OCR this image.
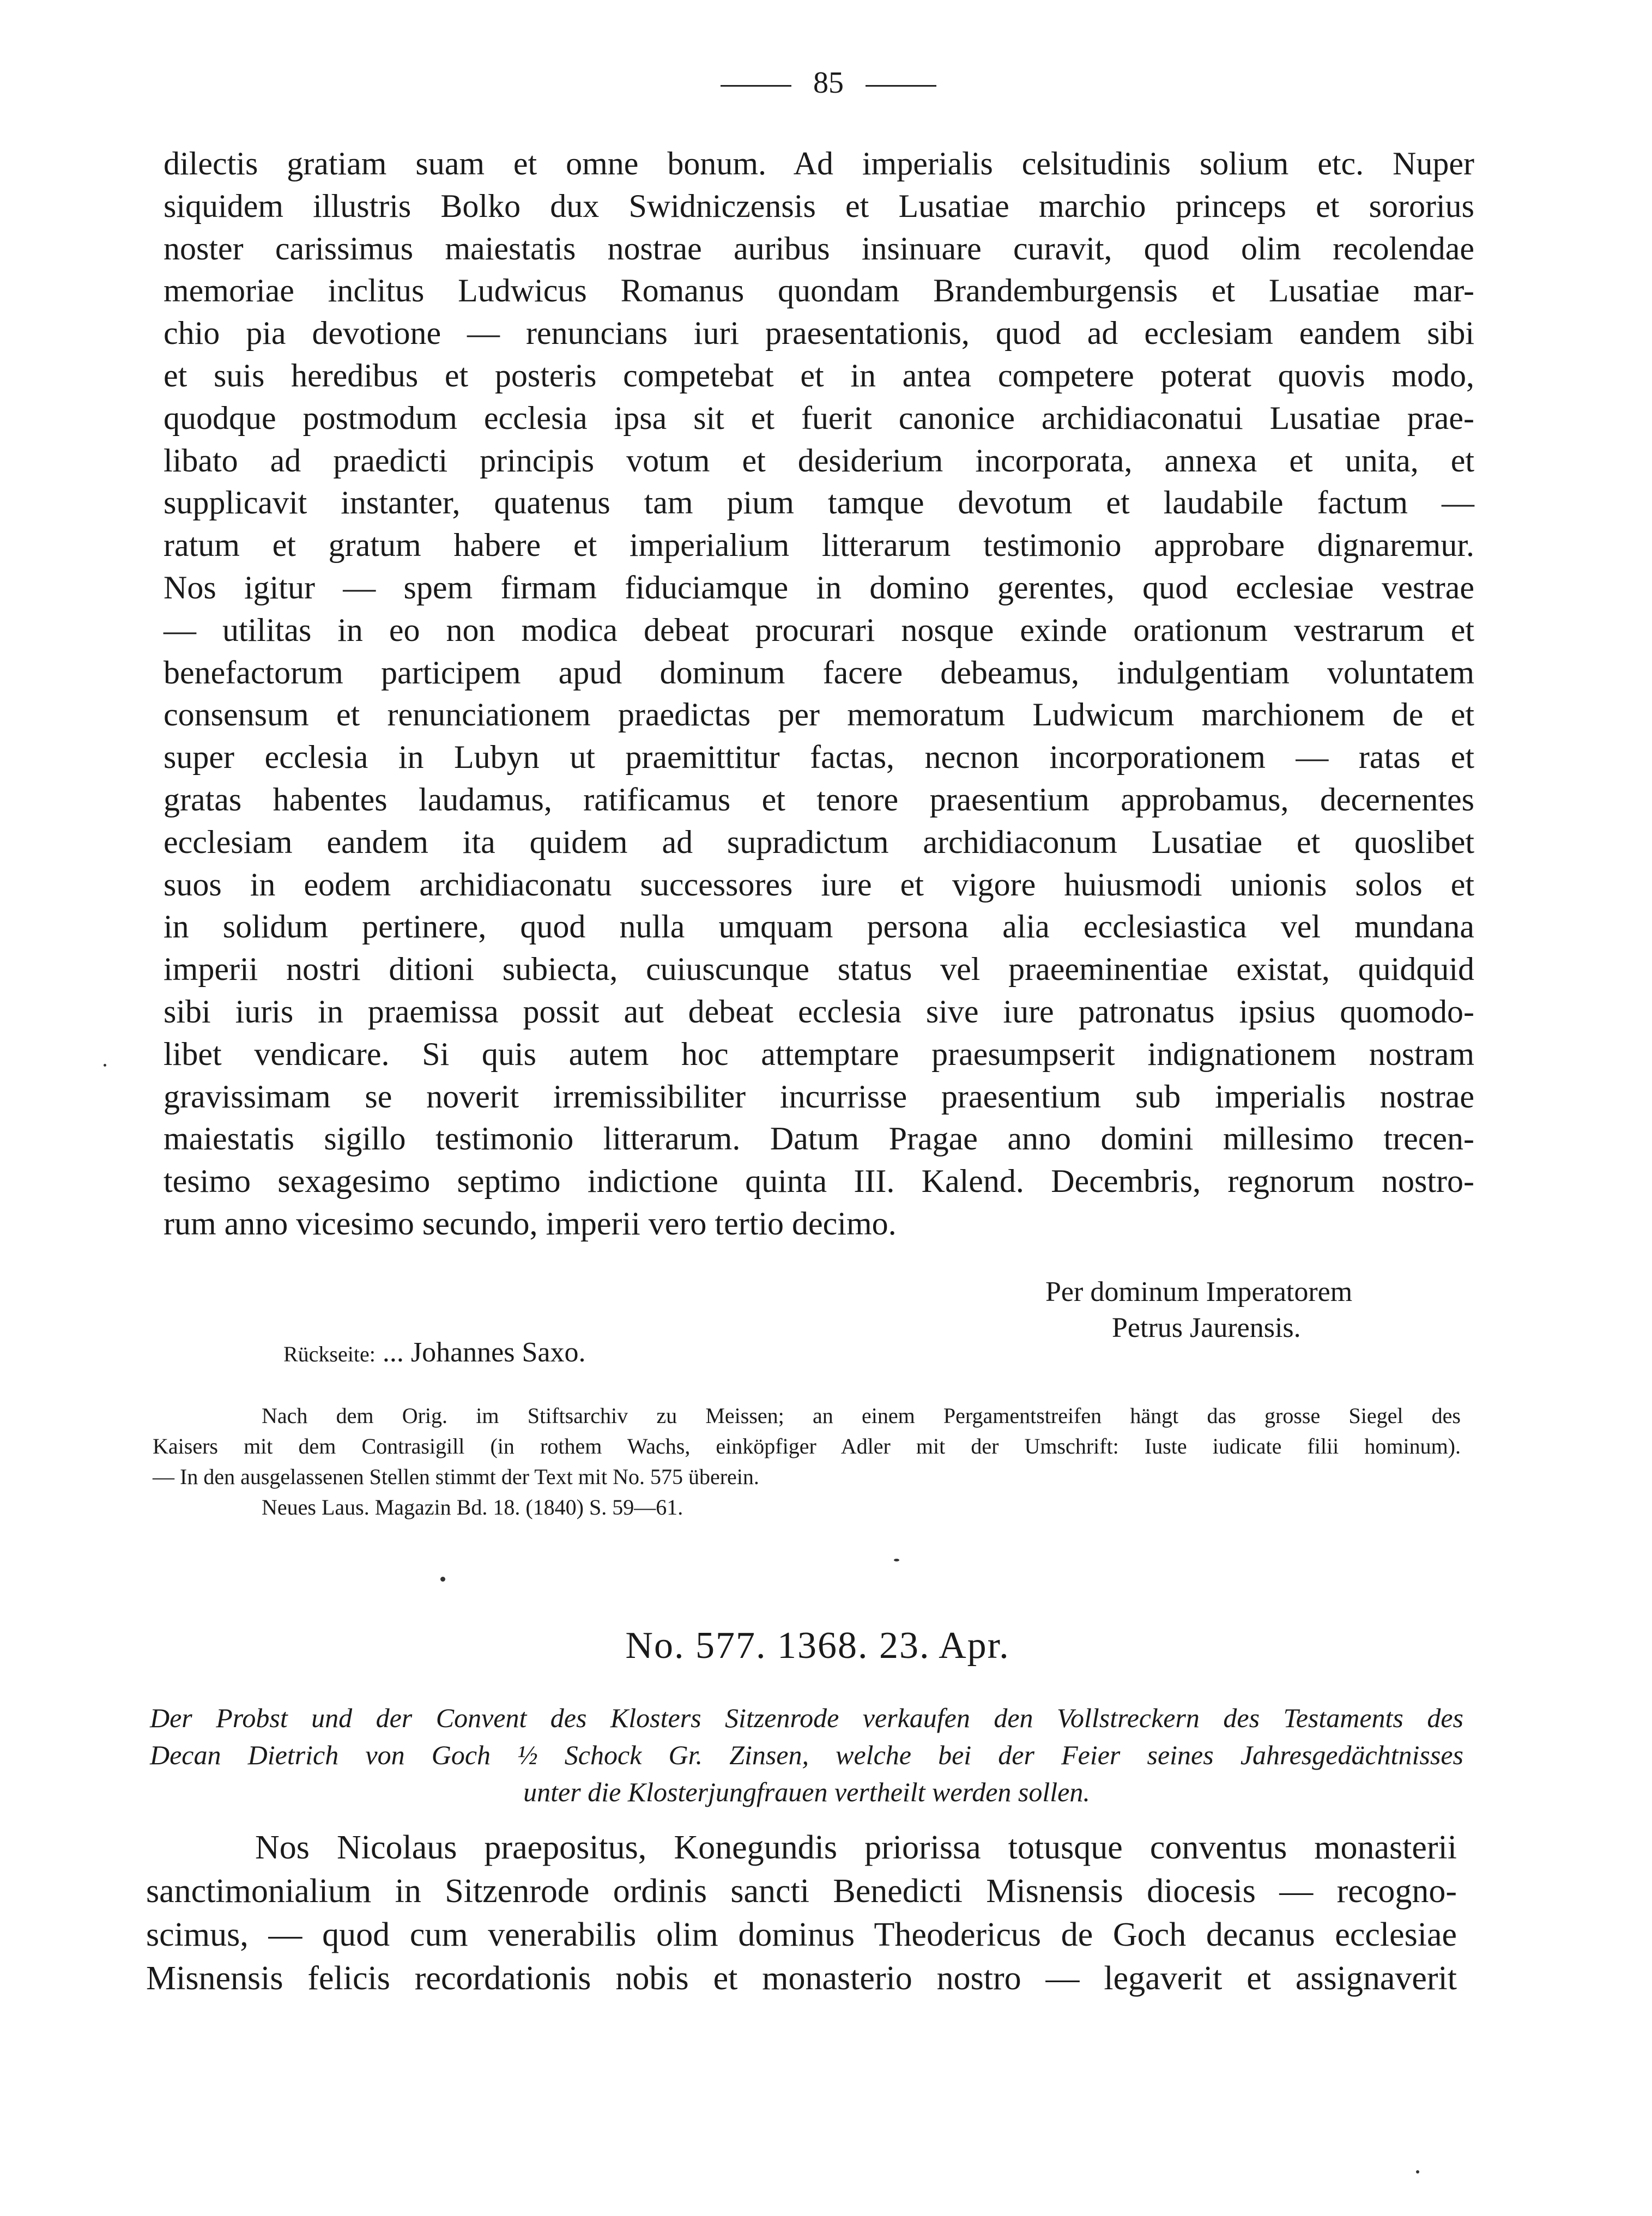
85
dilectis gratiam suam et omne bonum. Ad imperialis celsitudinis solium etc. Nuper
siquidem illustris Bolko dux Swidniczensis et Lusatiae marchio princeps et sororius
noster carissimus maiestatis nostrae auribus insinuare curavit, quod olim recolendae
memoriae inclitus Ludwicus Romanus quondam Brandemburgensis et Lusatiae mar-
chio pia devotione — renuncians iuri praesentationis, quod ad ecclesiam eandem sibi
et suis heredibus et posteris competebat et in antea competere poterat quovis modo,
quodque postmodum ecclesia ipsa sit et fuerit canonice archidiaconatui Lusatiae prae-
libato ad praedicti principis votum et desiderium incorporata, annexa et unita, et
supplicavit instanter, quatenus tam pium tamque devotum et laudabile factum —
ratum et gratum habere et imperialium litterarum testimonio approbare dignaremur.
Nos igitur — spem firmam fiduciamque in domino gerentes, quod ecclesiae vestrae
— utilitas in eo non modica debeat procurari nosque exinde orationum vestrarum et
benefactorum participem apud dominum facere debeamus, indulgentiam voluntatem
consensum et renunciationem praedictas per memoratum Ludwicum marchionem de et
super ecclesia in Lubyn ut praemittitur factas, necnon incorporationem — ratas et
gratas habentes laudamus, ratificamus et tenore praesentium approbamus, decernentes
ecclesiam eandem ita quidem ad supradictum archidiaconum Lusatiae et quoslibet
suos in eodem archidiaconatu successores iure et vigore huiusmodi unionis solos et
in solidum pertinere, quod nulla umquam persona alia ecclesiastica vel mundana
imperii nostri ditioni subiecta, cuiuscunque status vel praeeminentiae existat, quidquid
sibi iuris in praemissa possit aut debeat ecclesia sive iure patronatus ipsius quomodo-
libet vendicare. Si quis autem hoc attemptare praesumpserit indignationem nostram
gravissimam se noverit irremissibiliter incurrisse praesentium sub imperialis nostrae
maiestatis sigillo testimonio litterarum. Datum Pragae anno domini millesimo trecen-
tesimo sexagesimo septimo indictione quinta III. Kalend. Decembris, regnorum nostro-
rum anno vicesimo secundo, imperii vero tertio decimo.
Per dominum Imperatorem
Petrus Jaurensis.
Rückseite: ... Johannes Saxo.
Nach dem Orig. im Stiftsarchiv zu Meissen; an einem Pergamentstreifen hängt das grosse Siegel des
Kaisers mit dem Contrasigill (in rothem Wachs, einköpfiger Adler mit der Umschrift: Iuste iudicate filii hominum).
— In den ausgelassenen Stellen stimmt der Text mit No. 575 überein.
Neues Laus. Magazin Bd. 18. (1840) S. 59—61.
No. 577. 1368. 23. Apr.
Der Probst und der Convent des Klosters Sitzenrode verkaufen den Vollstreckern des Testaments des
Decan Dietrich von Goch ½ Schock Gr. Zinsen, welche bei der Feier seines Jahresgedächtnisses
unter die Klosterjungfrauen vertheilt werden sollen.
Nos Nicolaus praepositus, Konegundis priorissa totusque conventus monasterii
sanctimonialium in Sitzenrode ordinis sancti Benedicti Misnensis diocesis — recogno-
scimus, — quod cum venerabilis olim dominus Theodericus de Goch decanus ecclesiae
Misnensis felicis recordationis nobis et monasterio nostro — legaverit et assignaverit
